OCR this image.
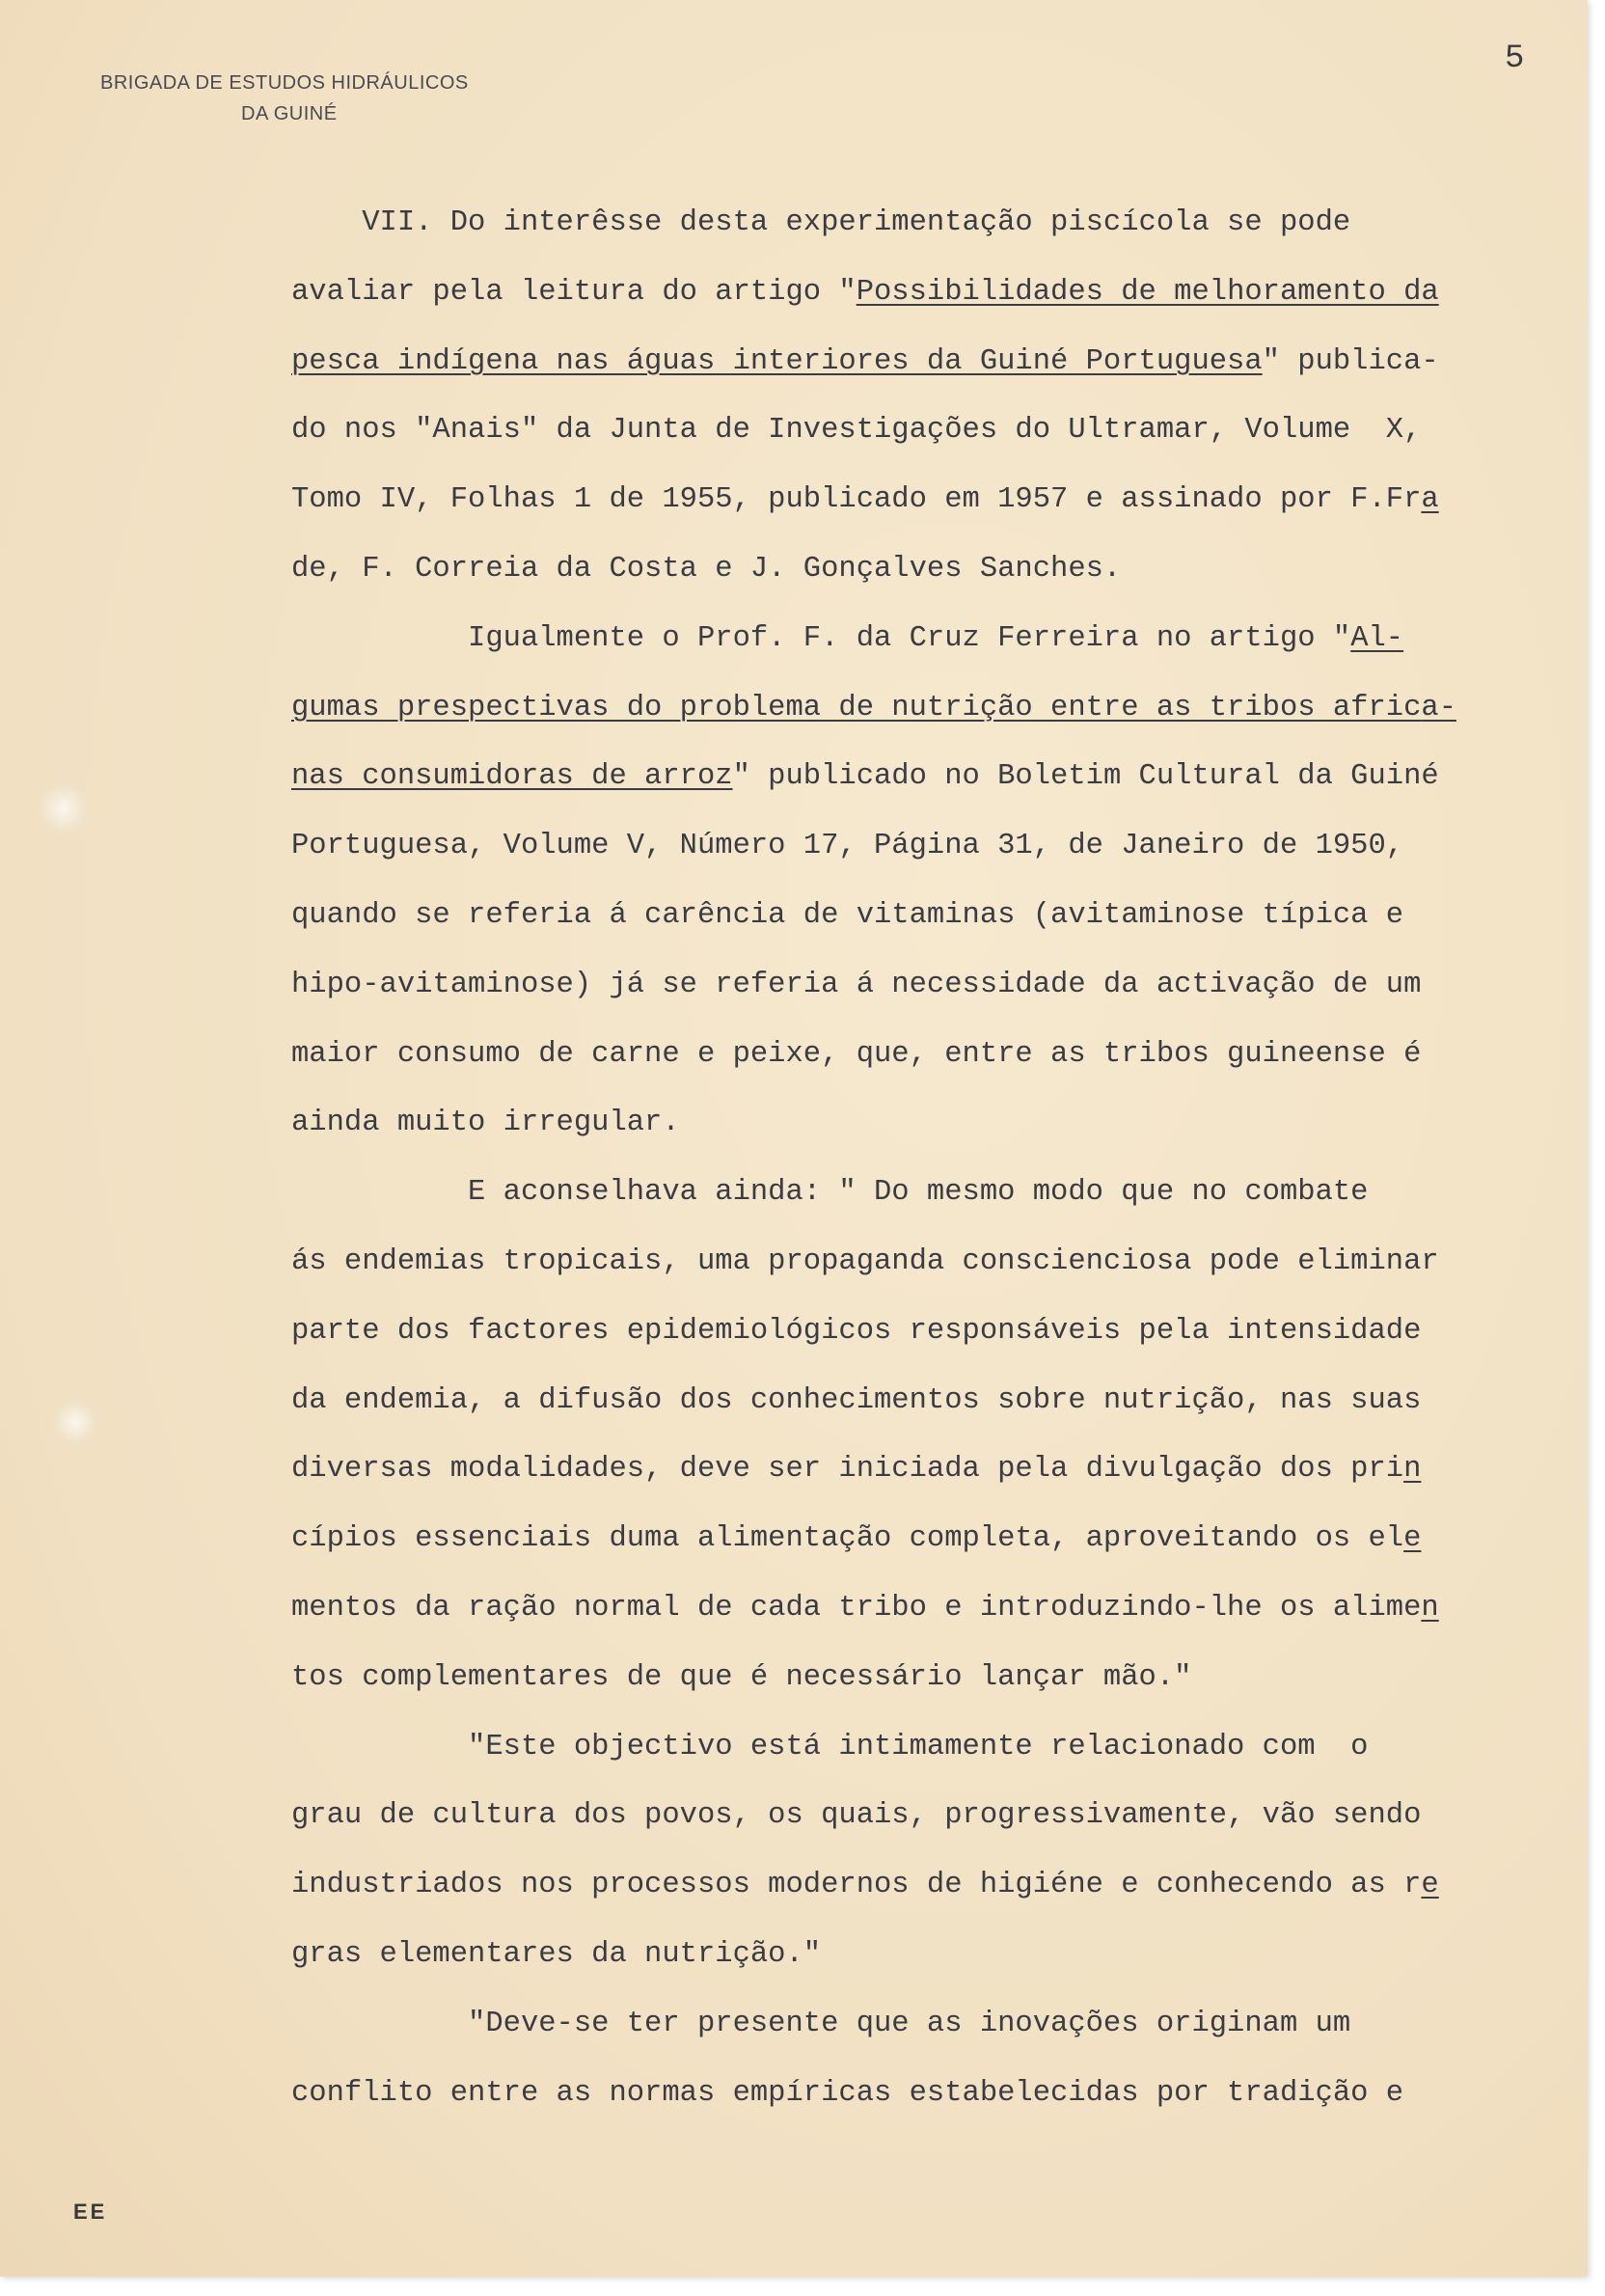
BRIGADA DE ESTUDOS HIDRÁULICOS
DA GUINÉ
5
VII. Do interêsse desta experimentação piscícola se pode
avaliar pela leitura do artigo "Possibilidades de melhoramento da
pesca indígena nas águas interiores da Guiné Portuguesa" publica-
do nos "Anais" da Junta de Investigações do Ultramar, Volume  X,
Tomo IV, Folhas 1 de 1955, publicado em 1957 e assinado por F.Fra
de, F. Correia da Costa e J. Gonçalves Sanches.
Igualmente o Prof. F. da Cruz Ferreira no artigo "Al-
gumas prespectivas do problema de nutrição entre as tribos africa-
nas consumidoras de arroz" publicado no Boletim Cultural da Guiné
Portuguesa, Volume V, Número 17, Página 31, de Janeiro de 1950,
quando se referia á carência de vitaminas (avitaminose típica e
hipo-avitaminose) já se referia á necessidade da activação de um
maior consumo de carne e peixe, que, entre as tribos guineense é
ainda muito irregular.
E aconselhava ainda: " Do mesmo modo que no combate
ás endemias tropicais, uma propaganda conscienciosa pode eliminar
parte dos factores epidemiológicos responsáveis pela intensidade
da endemia, a difusão dos conhecimentos sobre nutrição, nas suas
diversas modalidades, deve ser iniciada pela divulgação dos prin
cípios essenciais duma alimentação completa, aproveitando os ele
mentos da ração normal de cada tribo e introduzindo-lhe os alimen
tos complementares de que é necessário lançar mão."
"Este objectivo está intimamente relacionado com  o
grau de cultura dos povos, os quais, progressivamente, vão sendo
industriados nos processos modernos de higiéne e conhecendo as re
gras elementares da nutrição."
"Deve-se ter presente que as inovações originam um
conflito entre as normas empíricas estabelecidas por tradição e
EE
